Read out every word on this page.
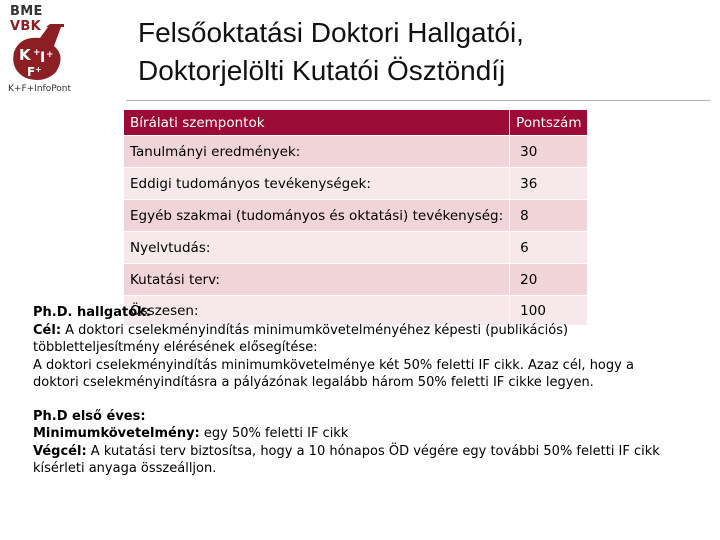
BME VBK
K + I +
F +
K+F+InfoPont
Felsőoktatási Doktori Hallgatói,
Doktorjelölti Kutatói Ösztöndíj
Bírálati szempontok	Pontszám
Tanulmányi eredmények:	30
Eddigi tudományos tevékenységek:	36
Egyéb szakmai (tudományos és oktatási) tevékenység:	8
Nyelvtudás:	6
Kutatási terv:	20
Összesen:	100

Ph.D. hallgatók:

Cél: A doktori cselekményindítás minimumkövetelményéhez képesti (publikációs)

többletteljesítmény elérésének elősegítése:

A doktori cselekményindítás minimumkövetelménye két 50% feletti IF cikk. Azaz cél, hogy a

doktori cselekményindításra a pályázónak legalább három 50% feletti IF cikke legyen.

Ph.D első éves:

Minimumkövetelmény: egy 50% feletti IF cikk

Végcél: A kutatási terv biztosítsa, hogy a 10 hónapos ÖD végére egy további 50% feletti IF cikk

kísérleti anyaga összeálljon.
